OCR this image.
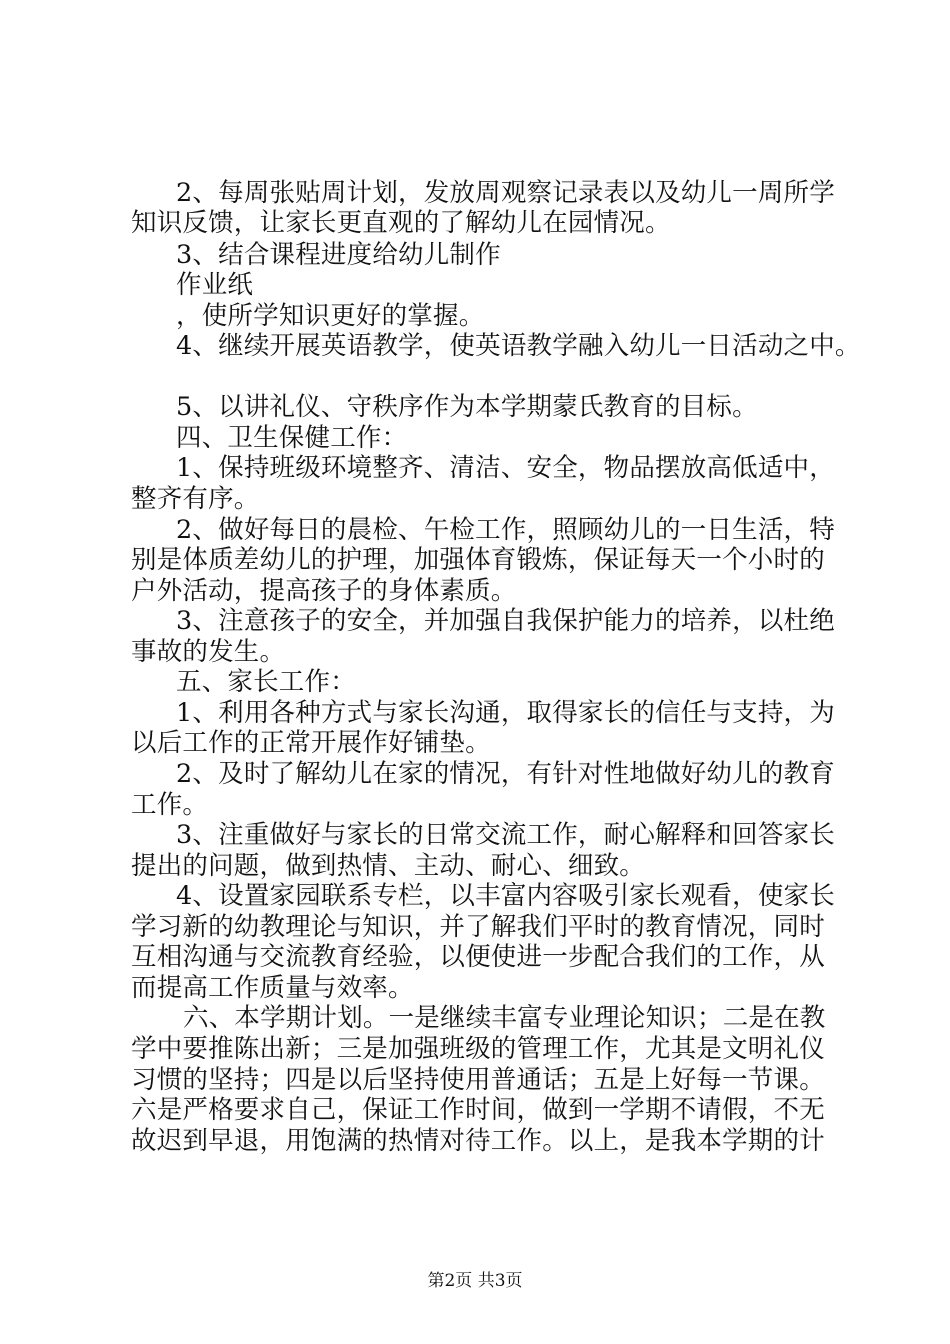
2、每周张贴周计划，发放周观察记录表以及幼儿一周所学
知识反馈，让家长更直观的了解幼儿在园情况。
3、结合课程进度给幼儿制作
作业纸
，使所学知识更好的掌握。
4、继续开展英语教学，使英语教学融入幼儿一日活动之中。
5、以讲礼仪、守秩序作为本学期蒙氏教育的目标。
四、卫生保健工作：
1、保持班级环境整齐、清洁、安全，物品摆放高低适中，
整齐有序。
2、做好每日的晨检、午检工作，照顾幼儿的一日生活，特
别是体质差幼儿的护理，加强体育锻炼，保证每天一个小时的
户外活动，提高孩子的身体素质。
3、注意孩子的安全，并加强自我保护能力的培养，以杜绝
事故的发生。
五、家长工作：
1、利用各种方式与家长沟通，取得家长的信任与支持，为
以后工作的正常开展作好铺垫。
2、及时了解幼儿在家的情况，有针对性地做好幼儿的教育
工作。
3、注重做好与家长的日常交流工作，耐心解释和回答家长
提出的问题，做到热情、主动、耐心、细致。
4、设置家园联系专栏，以丰富内容吸引家长观看，使家长
学习新的幼教理论与知识，并了解我们平时的教育情况，同时
互相沟通与交流教育经验，以便使进一步配合我们的工作，从
而提高工作质量与效率。
六、本学期计划。一是继续丰富专业理论知识；二是在教
学中要推陈出新；三是加强班级的管理工作，尤其是文明礼仪
习惯的坚持；四是以后坚持使用普通话；五是上好每一节课。
六是严格要求自己，保证工作时间，做到一学期不请假，不无
故迟到早退，用饱满的热情对待工作。以上，是我本学期的计
第2页 共3页
